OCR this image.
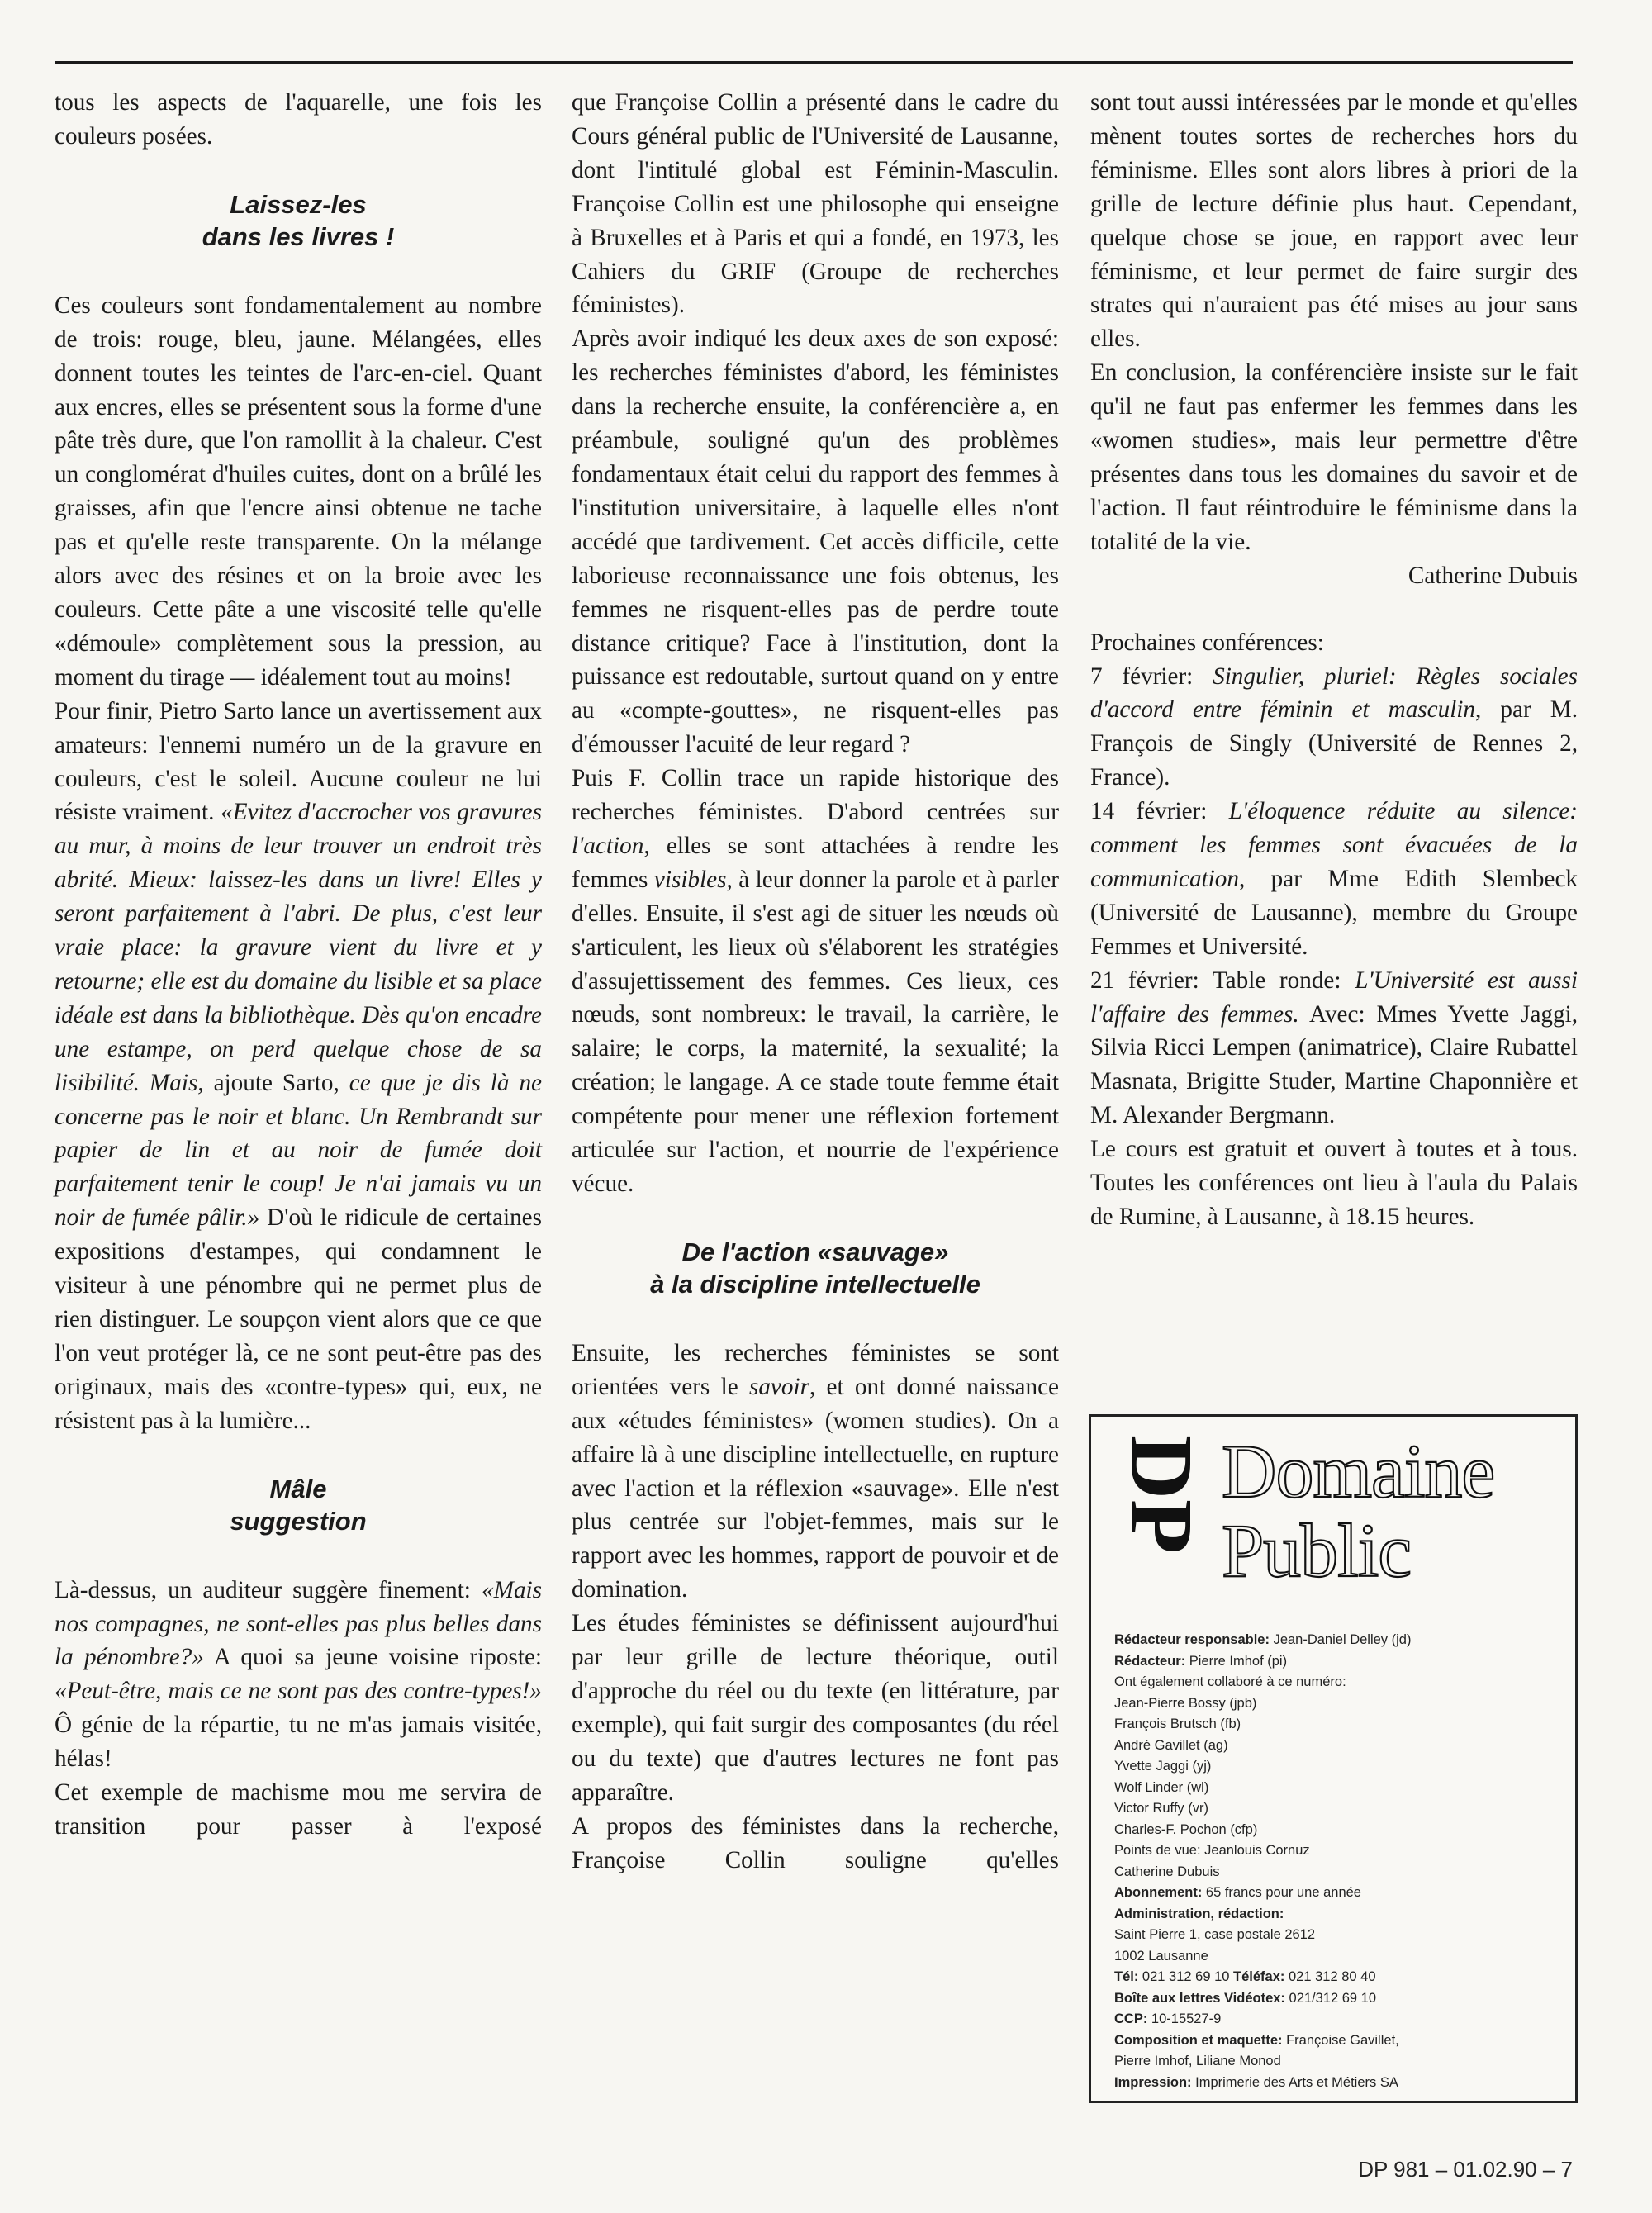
tous les aspects de l'aquarelle, une fois les couleurs posées.

Laissez-les
dans les livres !

Ces couleurs sont fondamentalement au nombre de trois: rouge, bleu, jaune. Mélangées, elles donnent toutes les teintes de l'arc-en-ciel. Quant aux encres, elles se présentent sous la forme d'une pâte très dure, que l'on ramollit à la chaleur. C'est un conglomérat d'huiles cuites, dont on a brûlé les graisses, afin que l'encre ainsi obtenue ne tache pas et qu'elle reste transparente. On la mélange alors avec des résines et on la broie avec les couleurs. Cette pâte a une viscosité telle qu'elle «démoule» complètement sous la pression, au moment du tirage — idéalement tout au moins!

Pour finir, Pietro Sarto lance un avertissement aux amateurs: l'ennemi numéro un de la gravure en couleurs, c'est le soleil. Aucune couleur ne lui résiste vraiment. «Evitez d'accrocher vos gravures au mur, à moins de leur trouver un endroit très abrité. Mieux: laissez-les dans un livre! Elles y seront parfaitement à l'abri. De plus, c'est leur vraie place: la gravure vient du livre et y retourne; elle est du domaine du lisible et sa place idéale est dans la bibliothèque. Dès qu'on encadre une estampe, on perd quelque chose de sa lisibilité. Mais, ajoute Sarto, ce que je dis là ne concerne pas le noir et blanc. Un Rembrandt sur papier de lin et au noir de fumée doit parfaitement tenir le coup! Je n'ai jamais vu un noir de fumée pâlir.» D'où le ridicule de certaines expositions d'estampes, qui condamnent le visiteur à une pénombre qui ne permet plus de rien distinguer. Le soupçon vient alors que ce que l'on veut protéger là, ce ne sont peut-être pas des originaux, mais des «contre-types» qui, eux, ne résistent pas à la lumière...

Mâle
suggestion

Là-dessus, un auditeur suggère finement: «Mais nos compagnes, ne sont-elles pas plus belles dans la pénombre?» A quoi sa jeune voisine riposte: «Peut-être, mais ce ne sont pas des contre-types!» Ô génie de la répartie, tu ne m'as jamais visitée, hélas!

Cet exemple de machisme mou me servira de transition pour passer à l'exposé

que Françoise Collin a présenté dans le cadre du Cours général public de l'Université de Lausanne, dont l'intitulé global est Féminin-Masculin. Françoise Collin est une philosophe qui enseigne à Bruxelles et à Paris et qui a fondé, en 1973, les Cahiers du GRIF (Groupe de recherches féministes).

Après avoir indiqué les deux axes de son exposé: les recherches féministes d'abord, les féministes dans la recherche ensuite, la conférencière a, en préambule, souligné qu'un des problèmes fondamentaux était celui du rapport des femmes à l'institution universitaire, à laquelle elles n'ont accédé que tardivement. Cet accès difficile, cette laborieuse reconnaissance une fois obtenus, les femmes ne risquent-elles pas de perdre toute distance critique? Face à l'institution, dont la puissance est redoutable, surtout quand on y entre au «compte-gouttes», ne risquent-elles pas d'émousser l'acuité de leur regard ?

Puis F. Collin trace un rapide historique des recherches féministes. D'abord centrées sur l'action, elles se sont attachées à rendre les femmes visibles, à leur donner la parole et à parler d'elles. Ensuite, il s'est agi de situer les nœuds où s'articulent, les lieux où s'élaborent les stratégies d'assujettissement des femmes. Ces lieux, ces nœuds, sont nombreux: le travail, la carrière, le salaire; le corps, la maternité, la sexualité; la création; le langage. A ce stade toute femme était compétente pour mener une réflexion fortement articulée sur l'action, et nourrie de l'expérience vécue.

De l'action «sauvage»
à la discipline intellectuelle

Ensuite, les recherches féministes se sont orientées vers le savoir, et ont donné naissance aux «études féministes» (women studies). On a affaire là à une discipline intellectuelle, en rupture avec l'action et la réflexion «sauvage». Elle n'est plus centrée sur l'objet-femmes, mais sur le rapport avec les hommes, rapport de pouvoir et de domination.

Les études féministes se définissent aujourd'hui par leur grille de lecture théorique, outil d'approche du réel ou du texte (en littérature, par exemple), qui fait surgir des composantes (du réel ou du texte) que d'autres lectures ne font pas apparaître.

A propos des féministes dans la recherche, Françoise Collin souligne qu'elles

sont tout aussi intéressées par le monde et qu'elles mènent toutes sortes de recherches hors du féminisme. Elles sont alors libres à priori de la grille de lecture définie plus haut. Cependant, quelque chose se joue, en rapport avec leur féminisme, et leur permet de faire surgir des strates qui n'auraient pas été mises au jour sans elles.

En conclusion, la conférencière insiste sur le fait qu'il ne faut pas enfermer les femmes dans les «women studies», mais leur permettre d'être présentes dans tous les domaines du savoir et de l'action. Il faut réintroduire le féminisme dans la totalité de la vie.

Catherine Dubuis

Prochaines conférences:

7 février: Singulier, pluriel: Règles sociales d'accord entre féminin et masculin, par M. François de Singly (Université de Rennes 2, France).

14 février: L'éloquence réduite au silence: comment les femmes sont évacuées de la communication, par Mme Edith Slembeck (Université de Lausanne), membre du Groupe Femmes et Université.

21 février: Table ronde: L'Université est aussi l'affaire des femmes. Avec: Mmes Yvette Jaggi, Silvia Ricci Lempen (animatrice), Claire Rubattel Masnata, Brigitte Studer, Martine Chaponnière et M. Alexander Bergmann.

Le cours est gratuit et ouvert à toutes et à tous. Toutes les conférences ont lieu à l'aula du Palais de Rumine, à Lausanne, à 18.15 heures.

DP Domaine
Public
Rédacteur responsable: Jean-Daniel Delley (jd)
Rédacteur: Pierre Imhof (pi)
Ont également collaboré à ce numéro:
Jean-Pierre Bossy (jpb)
François Brutsch (fb)
André Gavillet (ag)
Yvette Jaggi (yj)
Wolf Linder (wl)
Victor Ruffy (vr)
Charles-F. Pochon (cfp)
Points de vue: Jeanlouis Cornuz
Catherine Dubuis
Abonnement: 65 francs pour une année
Administration, rédaction:
Saint Pierre 1, case postale 2612
1002 Lausanne
Tél: 021 312 69 10 Téléfax: 021 312 80 40
Boîte aux lettres Vidéotex: 021/312 69 10
CCP: 10-15527-9
Composition et maquette: Françoise Gavillet,
Pierre Imhof, Liliane Monod
Impression: Imprimerie des Arts et Métiers SA
DP 981 – 01.02.90 – 7
